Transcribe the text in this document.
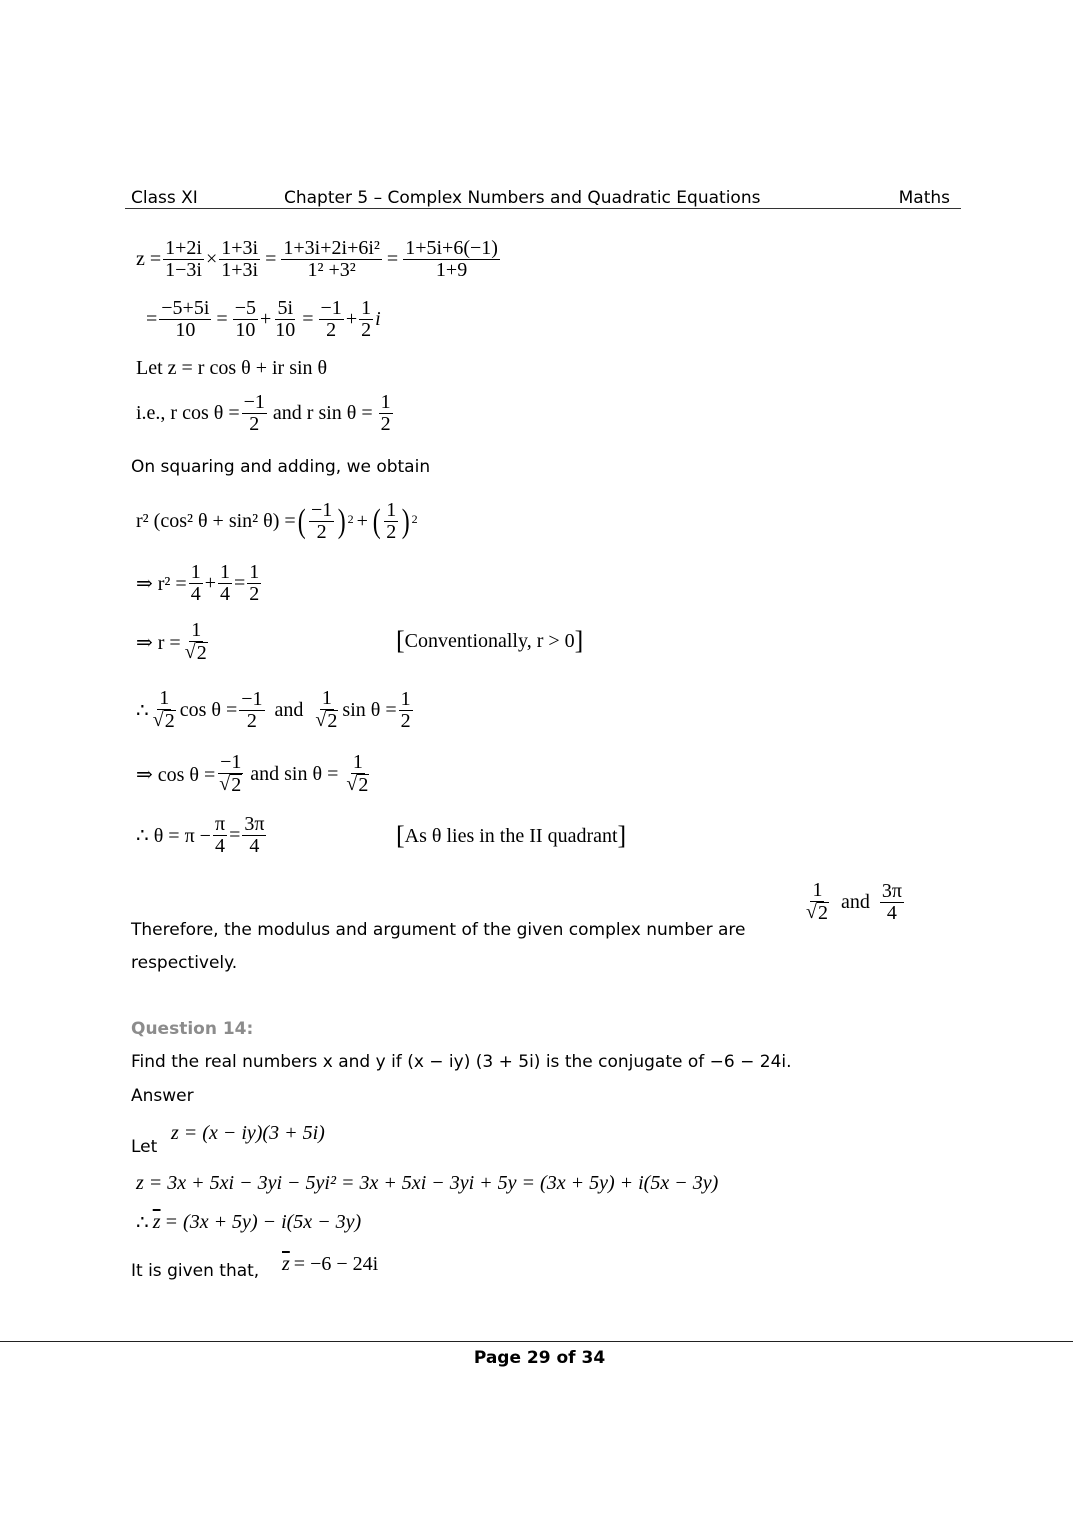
Class XI	Chapter 5 – Complex Numbers and Quadratic Equations	Maths
$z = \frac{1+2i}{1-3i} \times \frac{1+3i}{1+3i} = \frac{\text{1+3i+2i+6i²}}{\text{1² +3²}} = \frac{1+5i+6(-1)}{1+9}$
= $\frac{-5+5i}{10} = \frac{-5}{10} + \frac{5i}{10} = \frac{-1}{2} + \frac{1}{2}$ i
Let z = r cos θ + ir sin θ
i.e., r $\cos \theta = \frac{-1}{2}$ and r $\sin \theta = \frac{1}{2}$
On squaring and adding, we obtain
r² (cos² θ + sin² θ) = ( $\frac{-1}{2}$ ) 2 + ( $\frac{1}{2}$ ) 2
⇒ $r^2 = \frac{1}{4} + \frac{1}{4} = \frac{1}{2}$
⇒ $r = \frac{1}{√ 2}$	[ Conventionally, r > 0 ]
∴ $\frac{1}{√ 2}$ $\cos \theta = \frac{-1}{2}$ and $\frac{1}{√ 2}$ $\sin \theta = \frac{1}{2}$
⇒ $\cos \theta = \frac{-1}{√ 2}$ and $\sin \theta = \frac{1}{√ 2}$
∴ $\theta = \pi - \frac{\pi}{4} = \frac{3\pi}{4}$	[ As θ lies in the II quadrant ]
Therefore, the modulus and argument of the given complex number are
$\frac{1}{√ 2}$ and $\frac{3\pi}{4}$
respectively.
Question 14:
Find the real numbers x and y if (x − iy) (3 + 5i) is the conjugate of −6 − 24i.
Answer
Let
z = (x − iy)(3 + 5i)
z = 3x + 5xi − 3yi − 5yi² = 3x + 5xi − 3yi + 5y = (3x + 5y) + i(5x − 3y)
∴ $\overline{z} = (3x + 5y) - i(5x - 3y)$
It is given that, $\overline{z} = -6 - 24i$
Page 29 of 34
